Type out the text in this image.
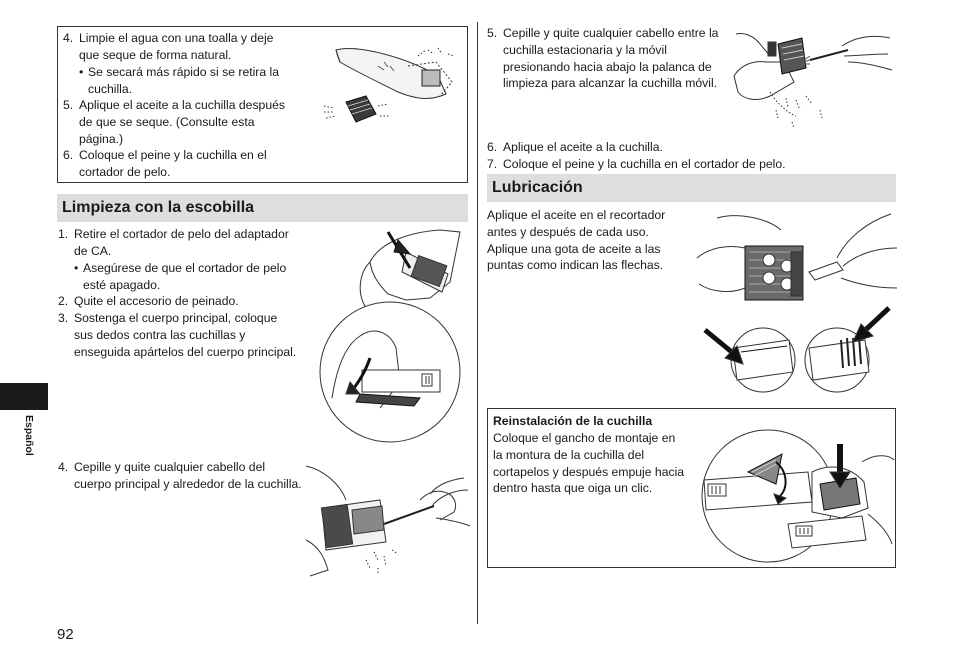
4. Limpie el agua con una toalla y deje
que seque de forma natural.
• Se secará más rápido si se retira la
cuchilla.
5. Aplique el aceite a la cuchilla después
de que se seque. (Consulte esta
página.)
6. Coloque el peine y la cuchilla en el
cortador de pelo.
Limpieza con la escobilla
1. Retire el cortador de pelo del adaptador
de CA.
• Asegúrese de que el cortador de pelo
esté apagado.
2. Quite el accesorio de peinado.
3. Sostenga el cuerpo principal, coloque
sus dedos contra las cuchillas y
enseguida apártelos del cuerpo principal.
4. Cepille y quite cualquier cabello del
cuerpo principal y alrededor de la cuchilla.
Español
92
5. Cepille y quite cualquier cabello entre la
cuchilla estacionaria y la móvil
presionando hacia abajo la palanca de
limpieza para alcanzar la cuchilla móvil.
6. Aplique el aceite a la cuchilla.
7. Coloque el peine y la cuchilla en el cortador de pelo.
Lubricación
Aplique el aceite en el recortador
antes y después de cada uso.
Aplique una gota de aceite a las
puntas como indican las flechas.
Reinstalación de la cuchilla
Coloque el gancho de montaje en
la montura de la cuchilla del
cortapelos y después empuje hacia
dentro hasta que oiga un clic.
